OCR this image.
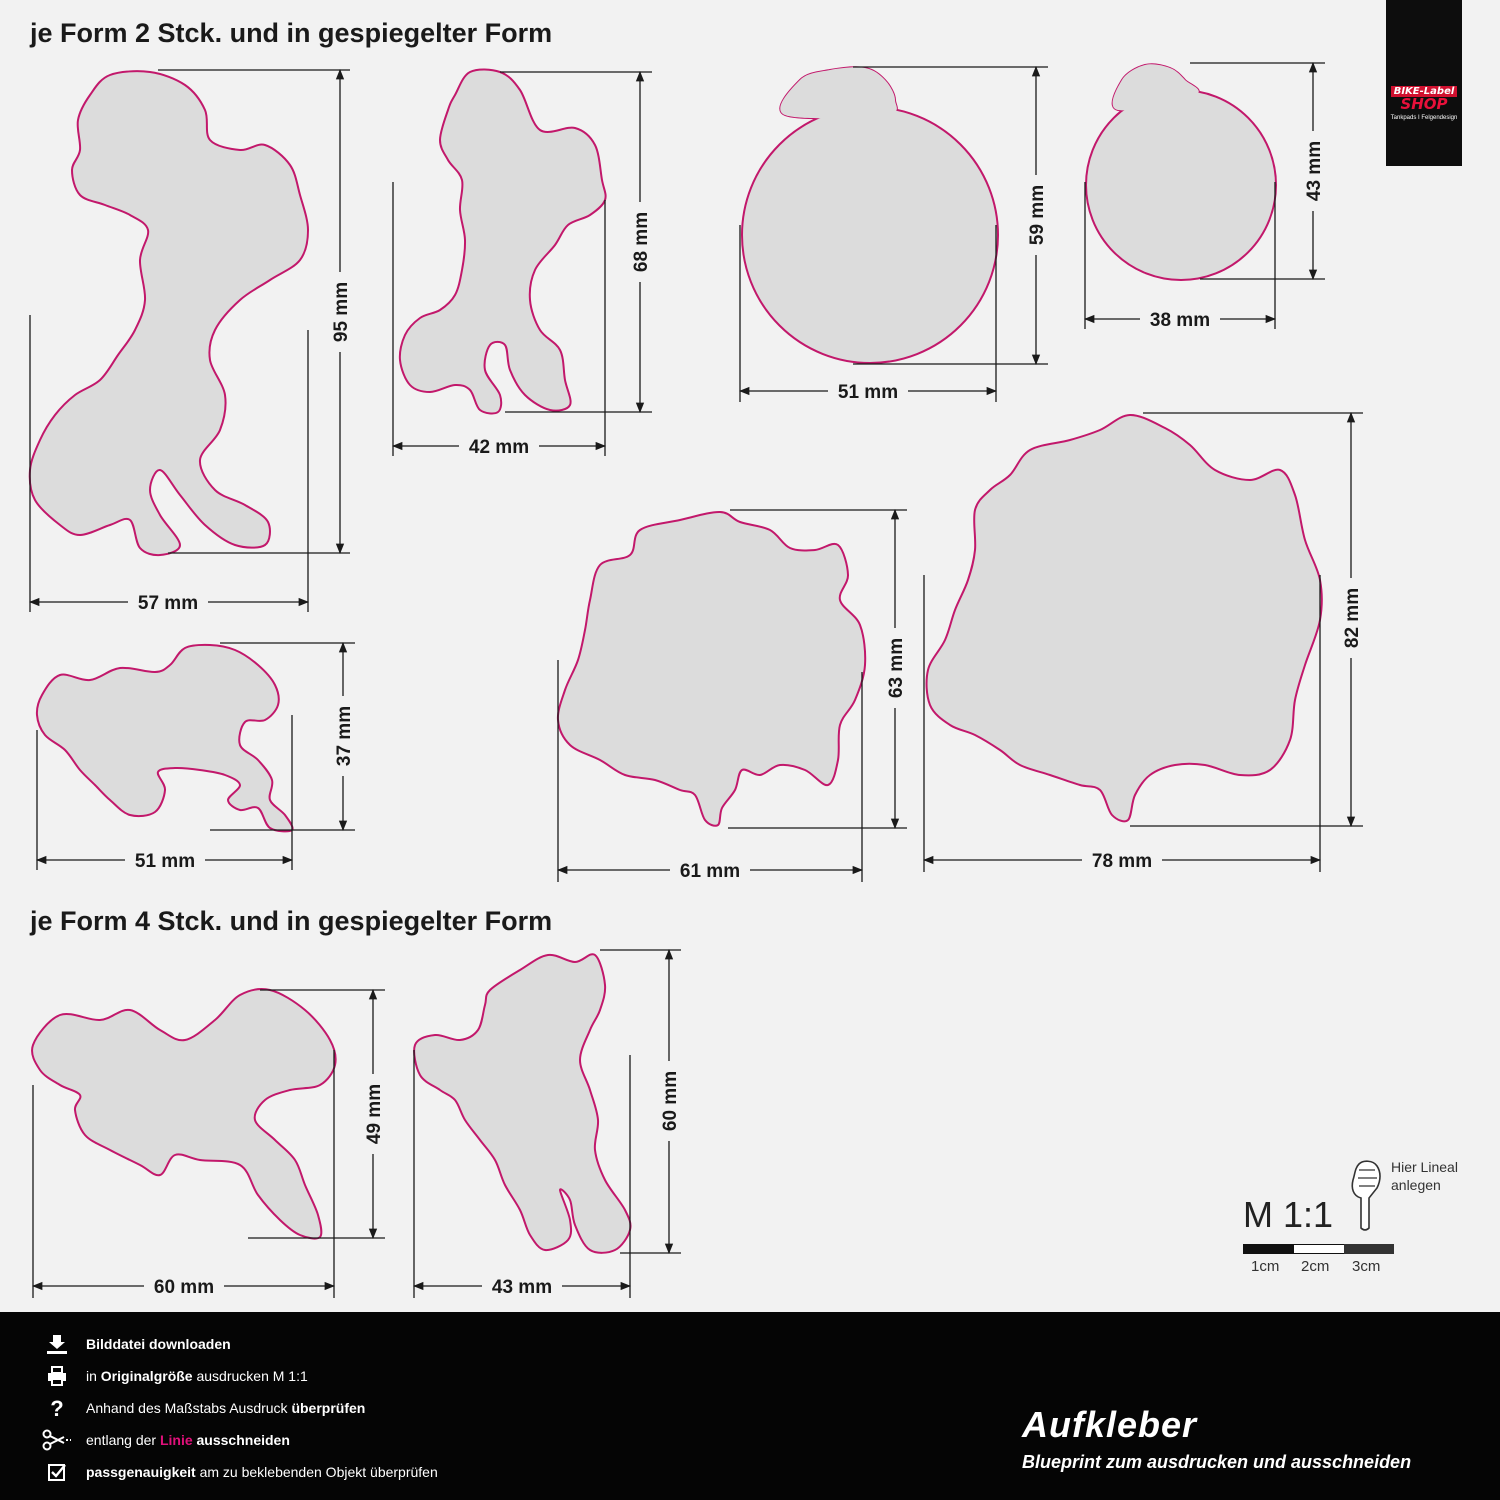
je Form 2 Stck. und in gespiegelter Form
je Form 4 Stck. und in gespiegelter Form
57 mm
95 mm
42 mm
68 mm
51 mm
59 mm
38 mm
43 mm
51 mm
37 mm
61 mm
63 mm
78 mm
82 mm
60 mm
49 mm
43 mm
60 mm
BIKE-Label
SHOP
Tankpads I Felgendesign
M 1:1
Hier Lineal
anlegen
1cm 2cm 3cm
Bilddatei downloaden
in Originalgröße ausdrucken M 1:1
? Anhand des Maßstabs Ausdruck überprüfen
entlang der Linie ausschneiden
passgenauigkeit am zu beklebenden Objekt überprüfen
Aufkleber
Blueprint zum ausdrucken und ausschneiden
